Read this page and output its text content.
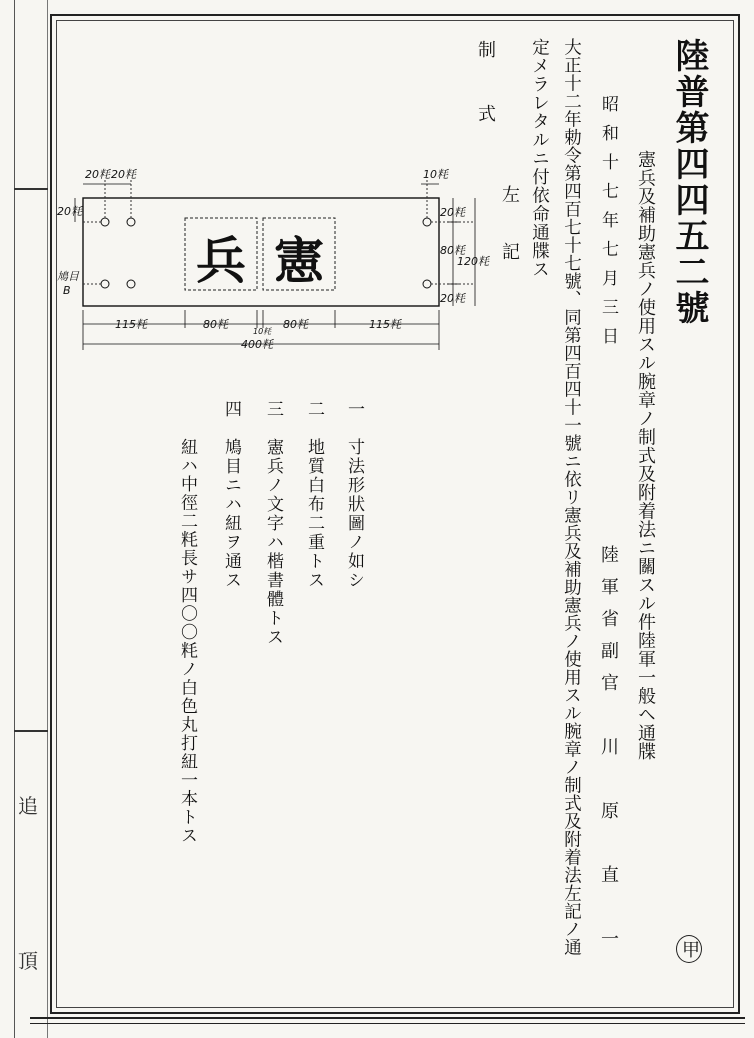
追
頂
陸普第四四五二號
憲兵及補助憲兵ノ使用スル腕章ノ制式及附着法ニ關スル件陸軍一般ヘ通牒
昭和十七年七月三日
陸軍省副官　川　原　直　一
大正十二年勅令第四百七十七號、同第四百四十一號ニ依リ憲兵及補助憲兵ノ使用スル腕章ノ制式及附着法左記ノ通
定メラレタルニ付依命通牒ス
左　　記
制　式
甲
一
寸法形狀圖ノ如シ
二
地質白布二重トス
三
憲兵ノ文字ハ楷書體トス
四
鳩目ニハ紐ヲ通ス
紐ハ中徑二粍長サ四〇〇粍ノ白色丸打紐一本トス
兵 憲
20粍 20粍	10粍
20粍
鳩目
B
20粍
80粍
120粍
20粍
115粍	80粍
10粍
80粍	115粍
400粍
